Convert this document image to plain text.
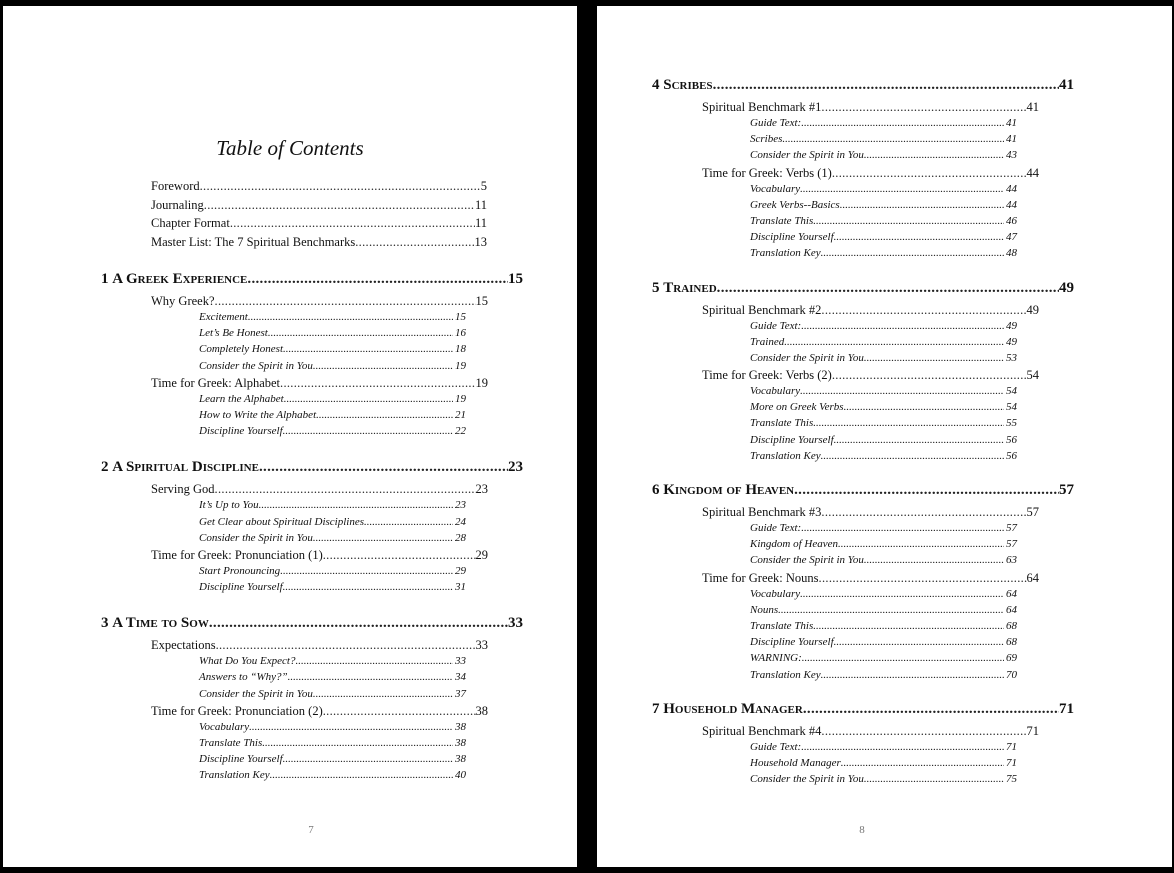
Table of Contents
Foreword .....	5
Journaling .....	11
Chapter Format .....	11
Master List: The 7 Spiritual Benchmarks .....	13
1 A Greek Experience .....	15
Why Greek? .....	15
Excitement .....	15
Let’s Be Honest .....	16
Completely Honest .....	18
Consider the Spirit in You .....	19
Time for Greek: Alphabet .....	19
Learn the Alphabet .....	19
How to Write the Alphabet .....	21
Discipline Yourself .....	22
2 A Spiritual Discipline .....	23
Serving God .....	23
It’s Up to You .....	23
Get Clear about Spiritual Disciplines .....	24
Consider the Spirit in You .....	28
Time for Greek: Pronunciation (1) .....	29
Start Pronouncing .....	29
Discipline Yourself .....	31
3 A Time to Sow .....	33
Expectations .....	33
What Do You Expect? .....	33
Answers to “Why?” .....	34
Consider the Spirit in You .....	37
Time for Greek: Pronunciation (2) .....	38
Vocabulary .....	38
Translate This .....	38
Discipline Yourself .....	38
Translation Key .....	40
7
4 Scribes .....	41
Spiritual Benchmark #1 .....	41
Guide Text: .....	41
Scribes .....	41
Consider the Spirit in You .....	43
Time for Greek: Verbs (1) .....	44
Vocabulary .....	44
Greek Verbs--Basics .....	44
Translate This .....	46
Discipline Yourself .....	47
Translation Key .....	48
5 Trained .....	49
Spiritual Benchmark #2 .....	49
Guide Text: .....	49
Trained .....	49
Consider the Spirit in You .....	53
Time for Greek: Verbs (2) .....	54
Vocabulary .....	54
More on Greek Verbs .....	54
Translate This .....	55
Discipline Yourself .....	56
Translation Key .....	56
6 Kingdom of Heaven .....	57
Spiritual Benchmark #3 .....	57
Guide Text: .....	57
Kingdom of Heaven .....	57
Consider the Spirit in You .....	63
Time for Greek: Nouns .....	64
Vocabulary .....	64
Nouns .....	64
Translate This .....	68
Discipline Yourself .....	68
WARNING: .....	69
Translation Key .....	70
7 Household Manager .....	71
Spiritual Benchmark #4 .....	71
Guide Text: .....	71
Household Manager .....	71
Consider the Spirit in You .....	75
8
